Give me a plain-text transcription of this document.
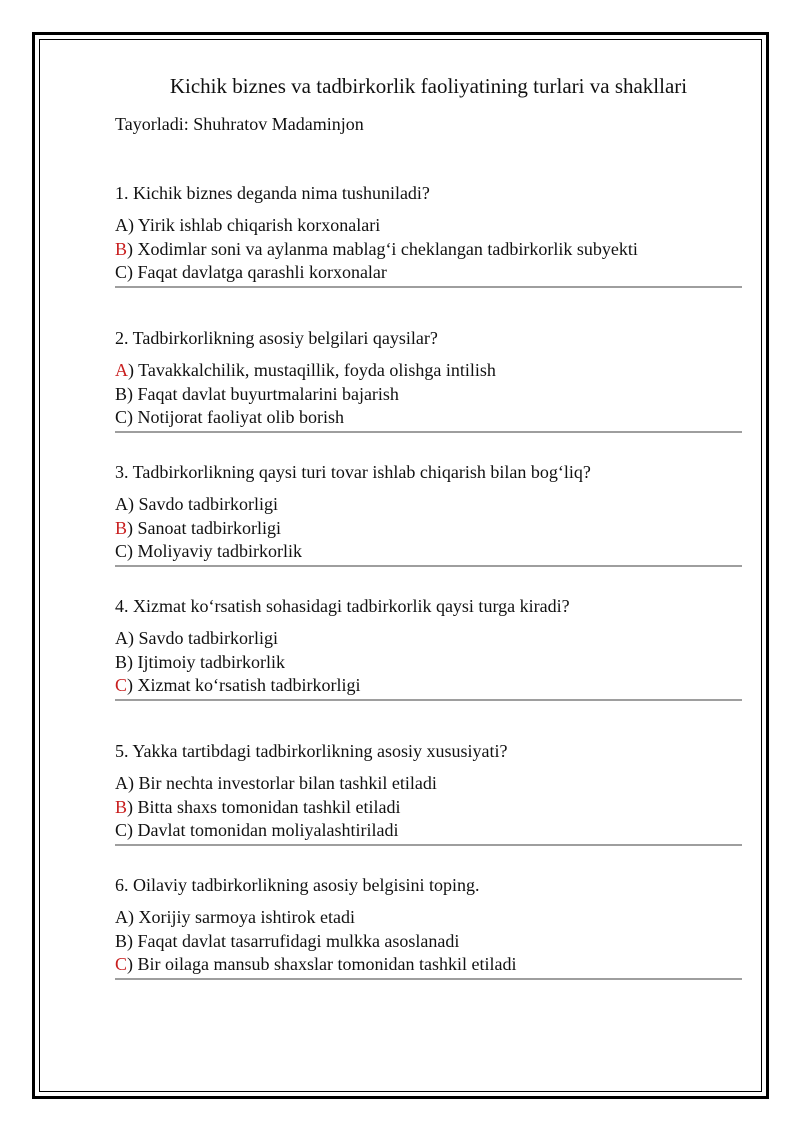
Kichik biznes va tadbirkorlik faoliyatining turlari va shakllari
Tayorladi: Shuhratov Madaminjon
1. Kichik biznes deganda nima tushuniladi?
A) Yirik ishlab chiqarish korxonalari
B) Xodimlar soni va aylanma mablag‘i cheklangan tadbirkorlik subyekti
C) Faqat davlatga qarashli korxonalar
2. Tadbirkorlikning asosiy belgilari qaysilar?
A) Tavakkalchilik, mustaqillik, foyda olishga intilish
B) Faqat davlat buyurtmalarini bajarish
C) Notijorat faoliyat olib borish
3. Tadbirkorlikning qaysi turi tovar ishlab chiqarish bilan bog‘liq?
A) Savdo tadbirkorligi
B) Sanoat tadbirkorligi
C) Moliyaviy tadbirkorlik
4. Xizmat ko‘rsatish sohasidagi tadbirkorlik qaysi turga kiradi?
A) Savdo tadbirkorligi
B) Ijtimoiy tadbirkorlik
C) Xizmat ko‘rsatish tadbirkorligi
5. Yakka tartibdagi tadbirkorlikning asosiy xususiyati?
A) Bir nechta investorlar bilan tashkil etiladi
B) Bitta shaxs tomonidan tashkil etiladi
C) Davlat tomonidan moliyalashtiriladi
6. Oilaviy tadbirkorlikning asosiy belgisini toping.
A) Xorijiy sarmoya ishtirok etadi
B) Faqat davlat tasarrufidagi mulkka asoslanadi
C) Bir oilaga mansub shaxslar tomonidan tashkil etiladi
